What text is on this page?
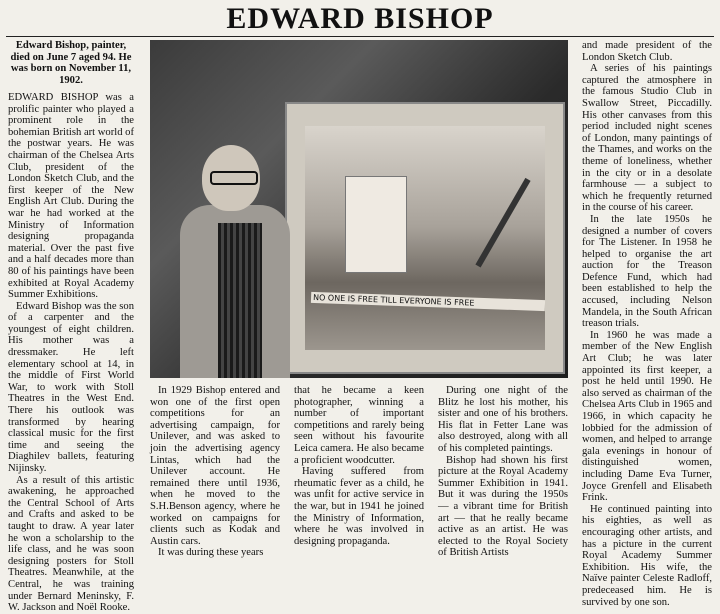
EDWARD BISHOP
Edward Bishop, painter, died on June 7 aged 94. He was born on November 11, 1902.

EDWARD BISHOP was a prolific painter who played a prominent role in the bohemian British art world of the postwar years. He was chairman of the Chelsea Arts Club, president of the London Sketch Club, and the first keeper of the New English Art Club. During the war he had worked at the Ministry of Information designing propaganda material. Over the past five and a half decades more than 80 of his paintings have been exhibited at Royal Academy Summer Exhibitions.

Edward Bishop was the son of a carpenter and the youngest of eight children. His mother was a dressmaker. He left elementary school at 14, in the middle of First World War, to work with Stoll Theatres in the West End. There his outlook was transformed by hearing classical music for the first time and seeing the Diaghilev ballets, featuring Nijinsky.

As a result of this artistic awakening, he approached the Central School of Arts and Crafts and asked to be taught to draw. A year later he won a scholarship to the life class, and he was soon designing posters for Stoll Theatres. Meanwhile, at the Central, he was training under Bernard Meninsky, F. W. Jackson and Noël Rooke.

NO ONE IS FREE TILL EVERYONE IS FREE

In 1929 Bishop entered and won one of the first open competitions for an advertising campaign, for Unilever, and was asked to join the advertising agency Lintas, which had the Unilever account. He remained there until 1936, when he moved to the S.H.Benson agency, where he worked on campaigns for clients such as Kodak and Austin cars.

It was during these years

that he became a keen photographer, winning a number of important competitions and rarely being seen without his favourite Leica camera. He also became a proficient woodcutter.

Having suffered from rheumatic fever as a child, he was unfit for active service in the war, but in 1941 he joined the Ministry of Information, where he was involved in designing propaganda.

During one night of the Blitz he lost his mother, his sister and one of his brothers. His flat in Fetter Lane was also destroyed, along with all of his completed paintings.

Bishop had shown his first picture at the Royal Academy Summer Exhibition in 1941. But it was during the 1950s — a vibrant time for British art — that he really became active as an artist. He was elected to the Royal Society of British Artists

and made president of the London Sketch Club.

A series of his paintings captured the atmosphere in the famous Studio Club in Swallow Street, Piccadilly. His other canvases from this period included night scenes of London, many paintings of the Thames, and works on the theme of loneliness, whether in the city or in a desolate farmhouse — a subject to which he frequently returned in the course of his career.

In the late 1950s he designed a number of covers for The Listener. In 1958 he helped to organise the art auction for the Treason Defence Fund, which had been established to help the accused, including Nelson Mandela, in the South African treason trials.

In 1960 he was made a member of the New English Art Club; he was later appointed its first keeper, a post he held until 1990. He also served as chairman of the Chelsea Arts Club in 1965 and 1966, in which capacity he lobbied for the admission of women, and helped to arrange gala evenings in honour of distinguished women, including Dame Eva Turner, Joyce Grenfell and Elisabeth Frink.

He continued painting into his eighties, as well as encouraging other artists, and has a picture in the current Royal Academy Summer Exhibition. His wife, the Naïve painter Celeste Radloff, predeceased him. He is survived by one son.
